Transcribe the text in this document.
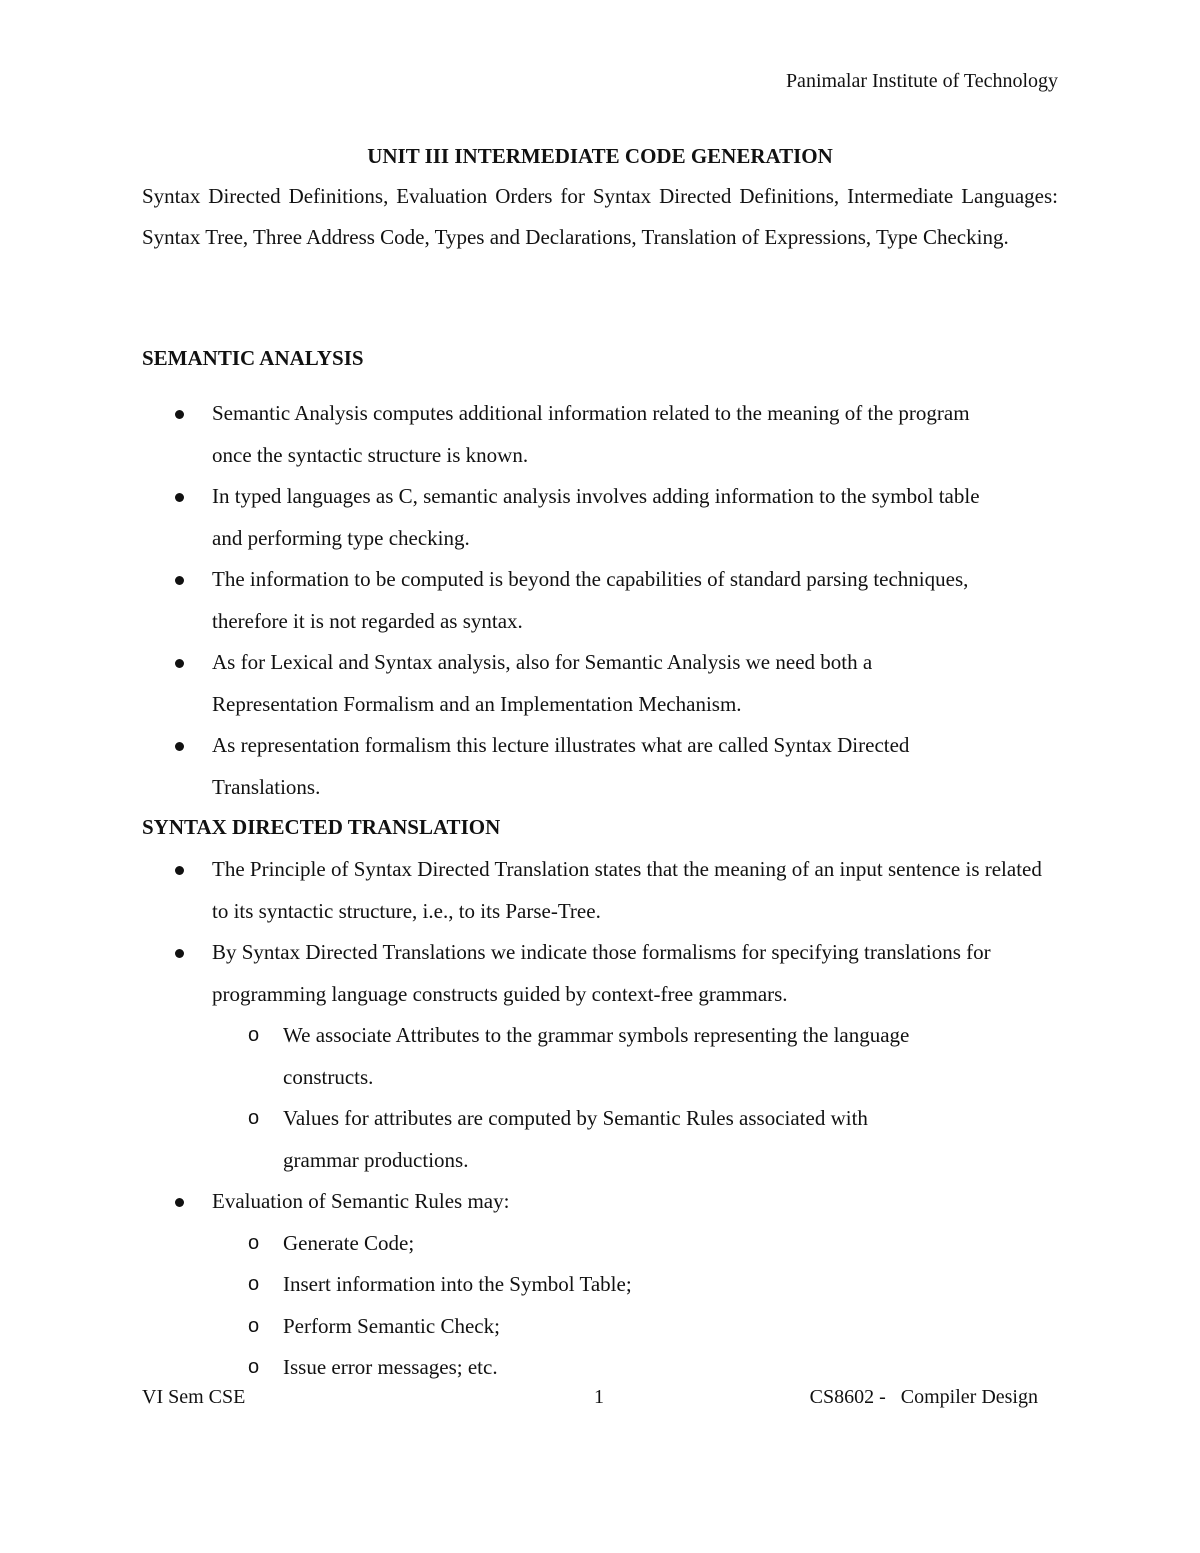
Panimalar Institute of Technology
UNIT III INTERMEDIATE CODE GENERATION

Syntax Directed Definitions, Evaluation Orders for Syntax Directed Definitions, Intermediate Languages: Syntax Tree, Three Address Code, Types and Declarations, Translation of Expressions, Type Checking.

SEMANTIC ANALYSIS
Semantic Analysis computes additional information related to the meaning of the program once the syntactic structure is known.
In typed languages as C, semantic analysis involves adding information to the symbol table and performing type checking.
The information to be computed is beyond the capabilities of standard parsing techniques, therefore it is not regarded as syntax.
As for Lexical and Syntax analysis, also for Semantic Analysis we need both a Representation Formalism and an Implementation Mechanism.
As representation formalism this lecture illustrates what are called Syntax Directed Translations.
SYNTAX DIRECTED TRANSLATION
The Principle of Syntax Directed Translation states that the meaning of an input sentence is related to its syntactic structure, i.e., to its Parse-Tree.
By Syntax Directed Translations we indicate those formalisms for specifying translations for programming language constructs guided by context-free grammars.
o We associate Attributes to the grammar symbols representing the language constructs.
o Values for attributes are computed by Semantic Rules associated with grammar productions.
Evaluation of Semantic Rules may:
o Generate Code;
o Insert information into the Symbol Table;
o Perform Semantic Check;
o Issue error messages; etc.
VI Sem CSE	1	CS8602 -   Compiler Design
